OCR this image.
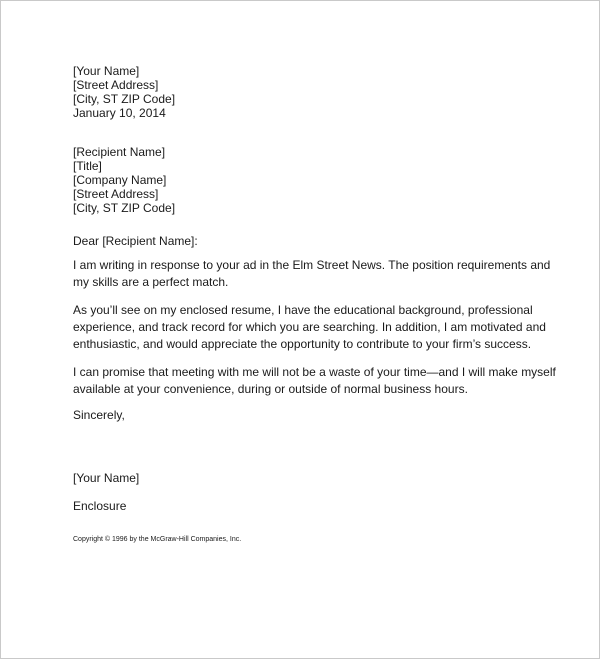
[Your Name]
[Street Address]
[City, ST ZIP Code]
January 10, 2014
[Recipient Name]
[Title]
[Company Name]
[Street Address]
[City, ST ZIP Code]
Dear [Recipient Name]:
I am writing in response to your ad in the Elm Street News. The position requirements and my skills are a perfect match.
As you’ll see on my enclosed resume, I have the educational background, professional experience, and track record for which you are searching. In addition, I am motivated and enthusiastic, and would appreciate the opportunity to contribute to your firm’s success.
I can promise that meeting with me will not be a waste of your time—and I will make myself available at your convenience, during or outside of normal business hours.
Sincerely,
[Your Name]
Enclosure
Copyright © 1996 by the McGraw-Hill Companies, Inc.
